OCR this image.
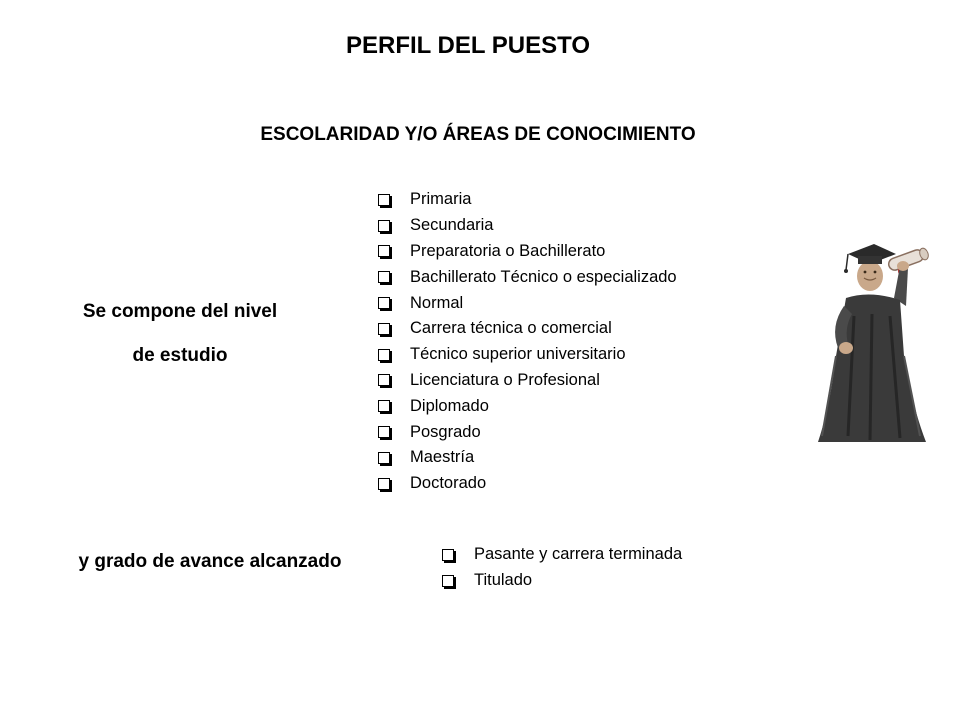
PERFIL DEL PUESTO
ESCOLARIDAD Y/O ÁREAS DE CONOCIMIENTO
Se compone del nivel
de estudio
Primaria
Secundaria
Preparatoria o Bachillerato
Bachillerato Técnico o especializado
Normal
Carrera técnica o comercial
Técnico superior universitario
Licenciatura o Profesional
Diplomado
Posgrado
Maestría
Doctorado
y grado de avance alcanzado	Pasante y carrera terminada
Titulado
